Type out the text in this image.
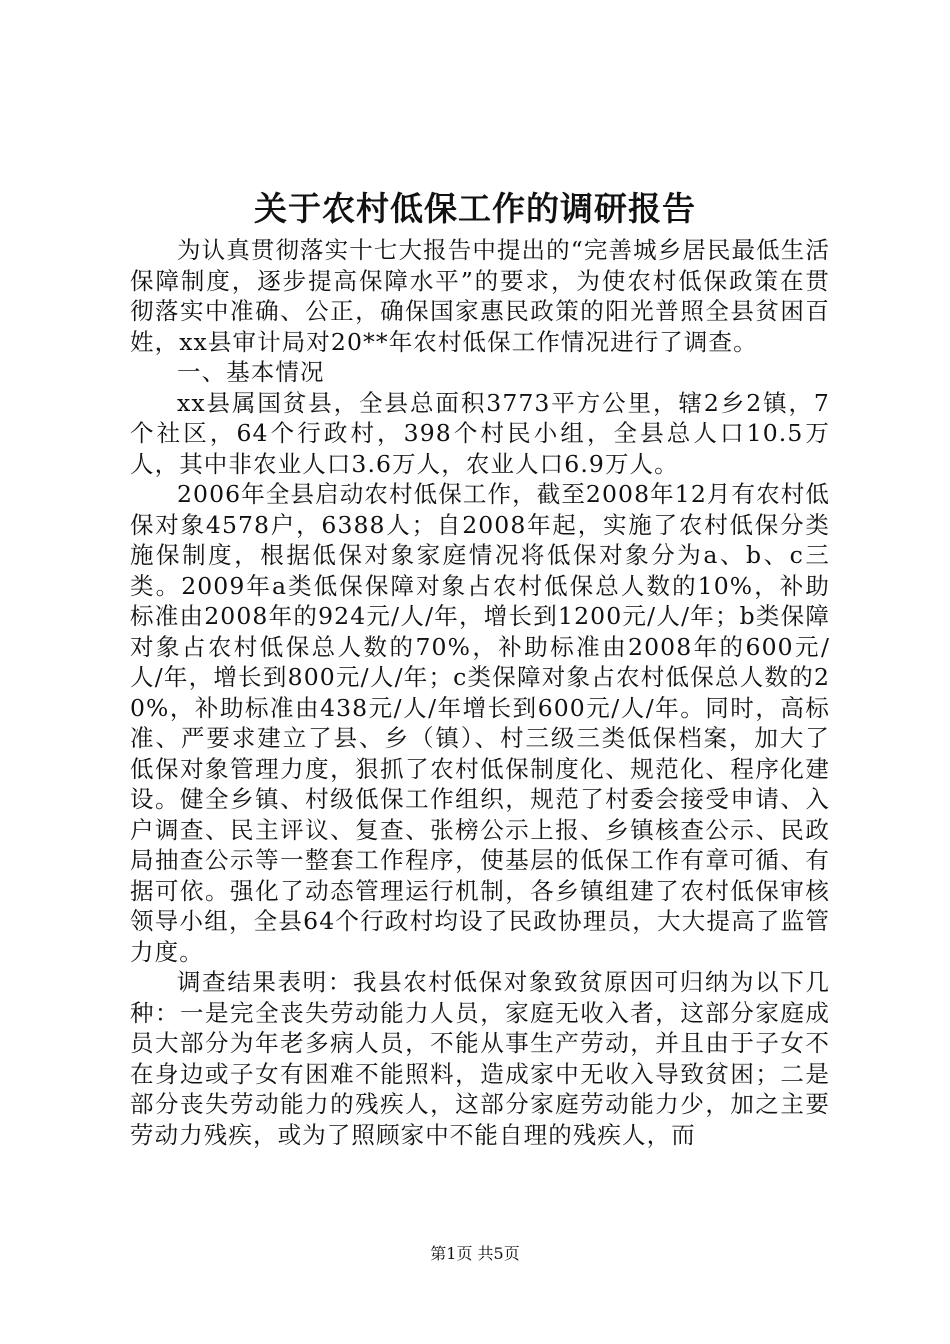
关于农村低保工作的调研报告

为认真贯彻落实十七大报告中提出的“完善城乡居民最低生活保障制度，逐步提高保障水平”的要求，为使农村低保政策在贯彻落实中准确、公正，确保国家惠民政策的阳光普照全县贫困百姓，xx县审计局对20**年农村低保工作情况进行了调查。

一、基本情况

xx县属国贫县，全县总面积3773平方公里，辖2乡2镇，7个社区，64个行政村，398个村民小组，全县总人口10.5万人，其中非农业人口3.6万人，农业人口6.9万人。

2006年全县启动农村低保工作，截至2008年12月有农村低保对象4578户，6388人；自2008年起，实施了农村低保分类施保制度，根据低保对象家庭情况将低保对象分为a、b、c三类。2009年a类低保保障对象占农村低保总人数的10%，补助标准由2008年的924元/人/年，增长到1200元/人/年；b类保障对象占农村低保总人数的70%，补助标准由2008年的600元/人/年，增长到800元/人/年；c类保障对象占农村低保总人数的20%，补助标准由438元/人/年增长到600元/人/年。同时，高标准、严要求建立了县、乡（镇）、村三级三类低保档案，加大了低保对象管理力度，狠抓了农村低保制度化、规范化、程序化建设。健全乡镇、村级低保工作组织，规范了村委会接受申请、入户调查、民主评议、复查、张榜公示上报、乡镇核查公示、民政局抽查公示等一整套工作程序，使基层的低保工作有章可循、有据可依。强化了动态管理运行机制，各乡镇组建了农村低保审核领导小组，全县64个行政村均设了民政协理员，大大提高了监管力度。

调查结果表明：我县农村低保对象致贫原因可归纳为以下几种：一是完全丧失劳动能力人员，家庭无收入者，这部分家庭成员大部分为年老多病人员，不能从事生产劳动，并且由于子女不在身边或子女有困难不能照料，造成家中无收入导致贫困；二是部分丧失劳动能力的残疾人，这部分家庭劳动能力少，加之主要劳动力残疾，或为了照顾家中不能自理的残疾人，而

第1页 共5页
